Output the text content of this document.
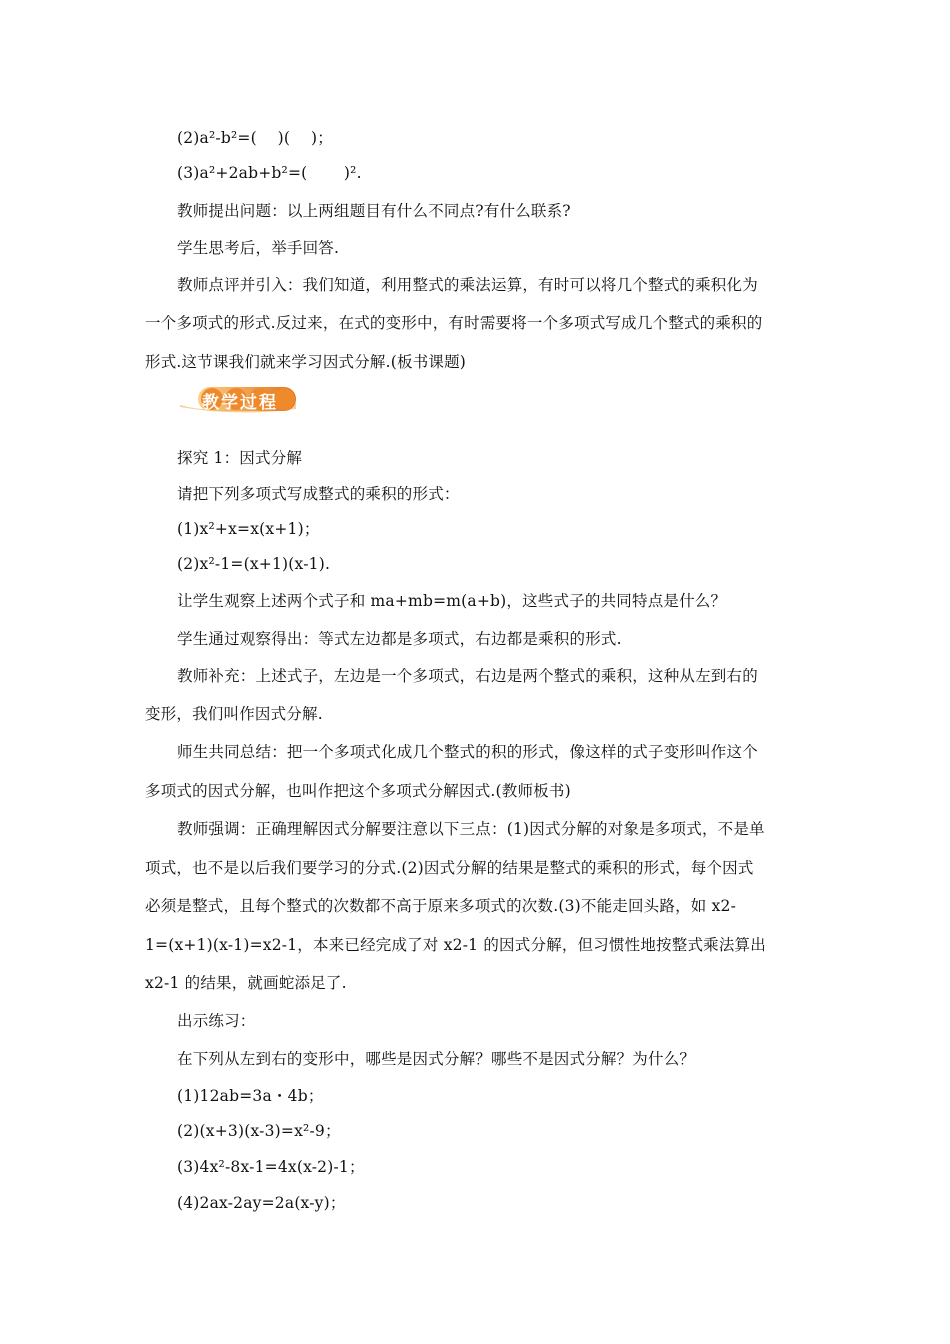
(2)a²-b²=(　 )(　 )；
(3)a²+2ab+b²=(　 　)².
教师提出问题：以上两组题目有什么不同点?有什么联系?
学生思考后，举手回答.
教师点评并引入：我们知道，利用整式的乘法运算，有时可以将几个整式的乘积化为
一个多项式的形式.反过来，在式的变形中，有时需要将一个多项式写成几个整式的乘积的
形式.这节课我们就来学习因式分解.(板书课题)
教学过程
探究 1：因式分解
请把下列多项式写成整式的乘积的形式：
(1)x²+x=x(x+1)；
(2)x²-1=(x+1)(x-1).
让学生观察上述两个式子和 ma+mb=m(a+b)，这些式子的共同特点是什么？
学生通过观察得出：等式左边都是多项式，右边都是乘积的形式.
教师补充：上述式子，左边是一个多项式，右边是两个整式的乘积，这种从左到右的
变形，我们叫作因式分解.
师生共同总结：把一个多项式化成几个整式的积的形式，像这样的式子变形叫作这个
多项式的因式分解，也叫作把这个多项式分解因式.(教师板书)
教师强调：正确理解因式分解要注意以下三点：(1)因式分解的对象是多项式，不是单
项式，也不是以后我们要学习的分式.(2)因式分解的结果是整式的乘积的形式，每个因式
必须是整式，且每个整式的次数都不高于原来多项式的次数.(3)不能走回头路，如 x2-
1=(x+1)(x-1)=x2-1，本来已经完成了对 x2-1 的因式分解，但习惯性地按整式乘法算出
x2-1 的结果，就画蛇添足了.
出示练习：
在下列从左到右的变形中，哪些是因式分解？哪些不是因式分解？为什么？
(1)12ab=3a・4b；
(2)(x+3)(x-3)=x²-9；
(3)4x²-8x-1=4x(x-2)-1；
(4)2ax-2ay=2a(x-y)；
